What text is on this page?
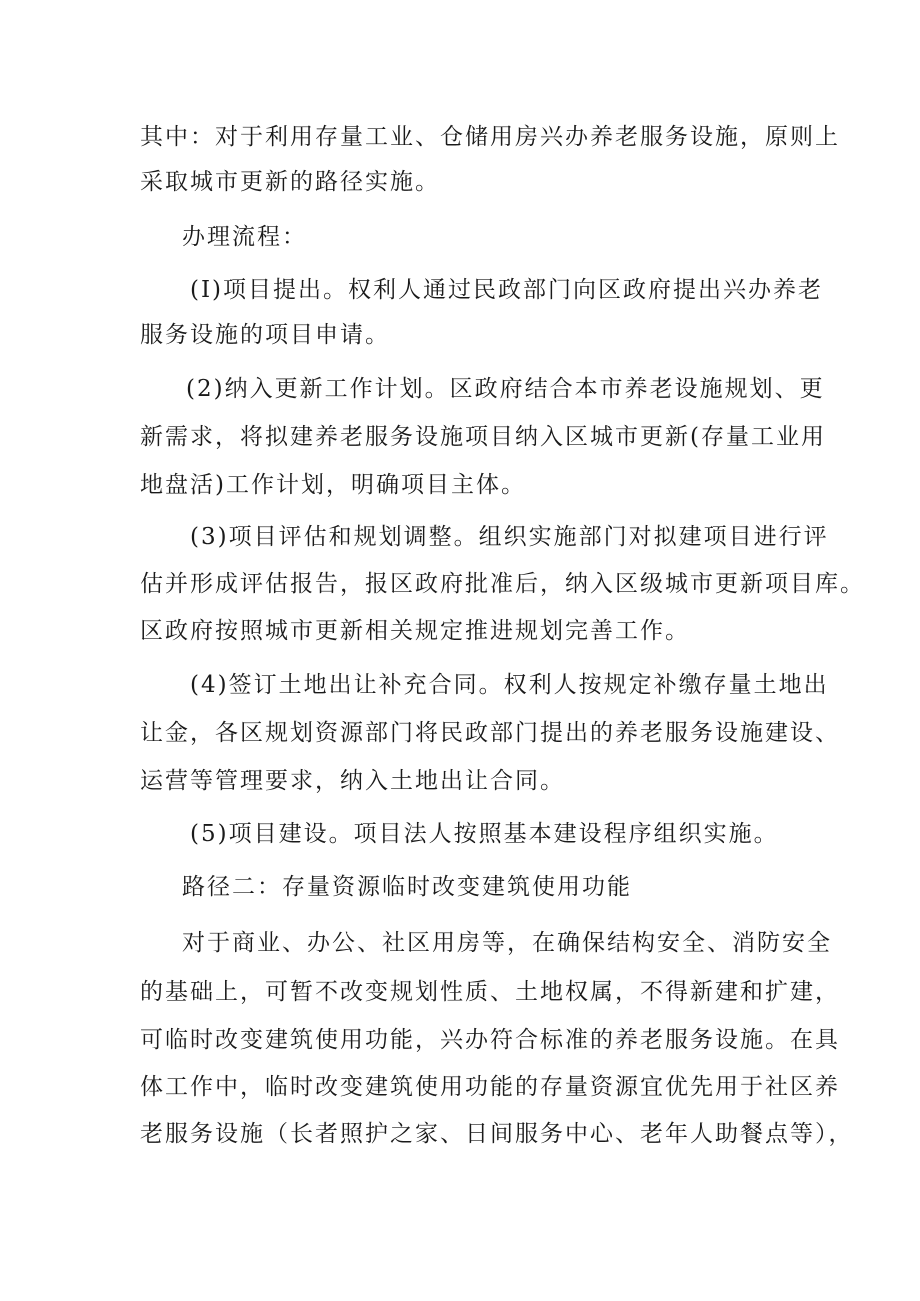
其中：对于利用存量工业、仓储用房兴办养老服务设施，原则上
采取城市更新的路径实施。
办理流程：
(I)项目提出。权利人通过民政部门向区政府提出兴办养老
服务设施的项目申请。
(2)纳入更新工作计划。区政府结合本市养老设施规划、更
新需求，将拟建养老服务设施项目纳入区城市更新(存量工业用
地盘活)工作计划，明确项目主体。
(3)项目评估和规划调整。组织实施部门对拟建项目进行评
估并形成评估报告，报区政府批准后，纳入区级城市更新项目库。
区政府按照城市更新相关规定推进规划完善工作。
(4)签订土地出让补充合同。权利人按规定补缴存量土地出
让金，各区规划资源部门将民政部门提出的养老服务设施建设、
运营等管理要求，纳入土地出让合同。
(5)项目建设。项目法人按照基本建设程序组织实施。
路径二：存量资源临时改变建筑使用功能
对于商业、办公、社区用房等，在确保结构安全、消防安全
的基础上，可暂不改变规划性质、土地权属，不得新建和扩建，
可临时改变建筑使用功能，兴办符合标准的养老服务设施。在具
体工作中，临时改变建筑使用功能的存量资源宜优先用于社区养
老服务设施（长者照护之家、日间服务中心、老年人助餐点等），
